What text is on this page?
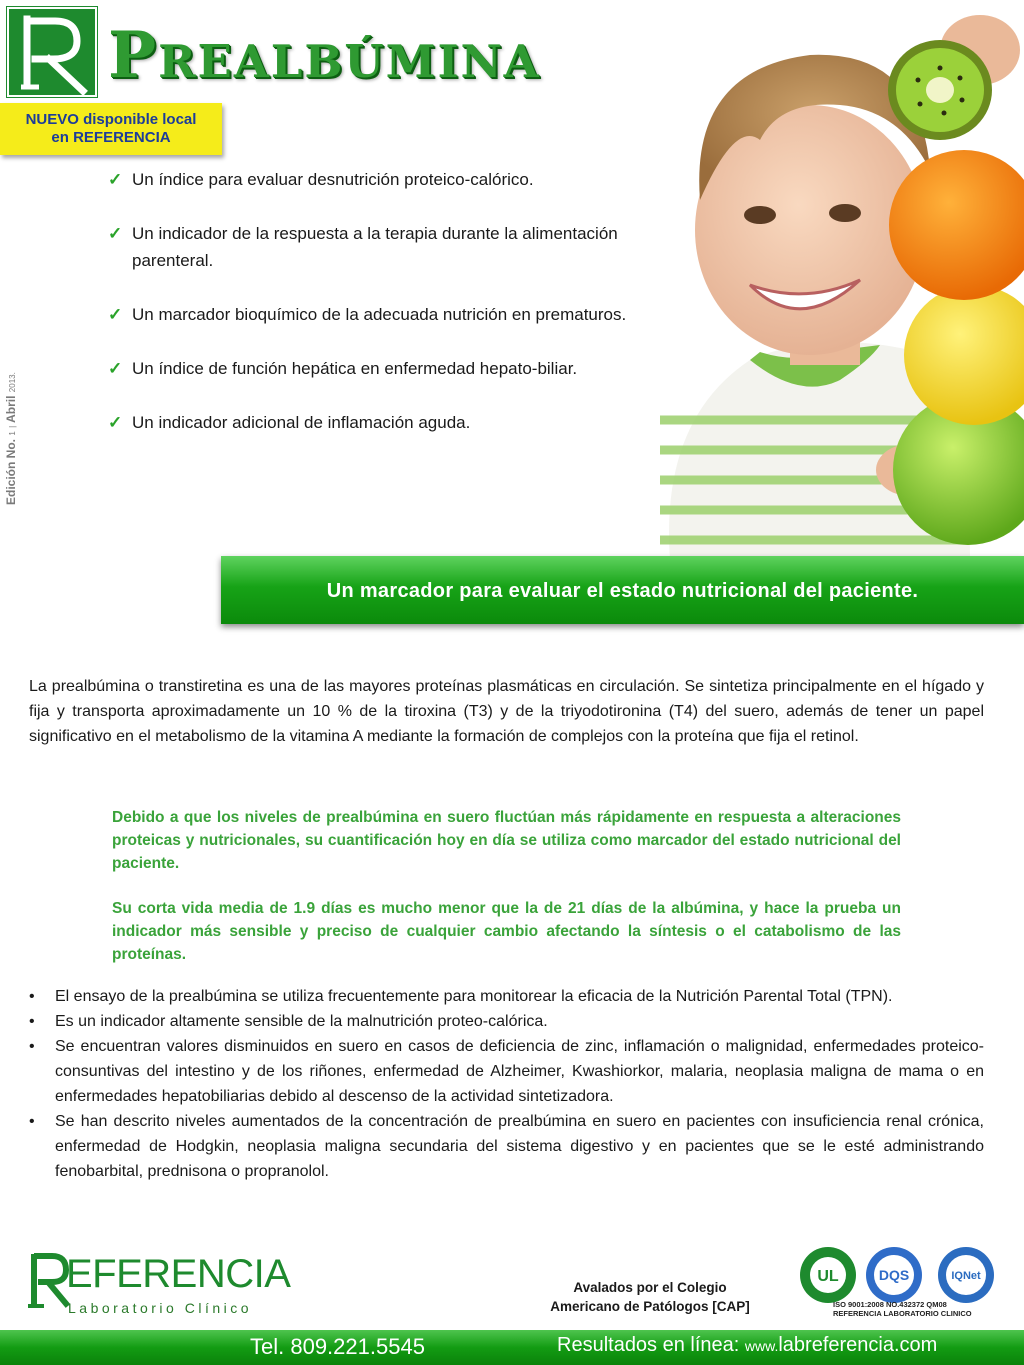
Prealbúmina
NUEVO disponible local
en REFERENCIA
Edición No. 1 | Abril 2013.
✓ Un índice para evaluar desnutrición proteico-calórico.
✓ Un indicador de la respuesta a la terapia durante la alimentación parenteral.
✓ Un marcador bioquímico de la adecuada nutrición en prematuros.
✓ Un índice de función hepática en enfermedad hepato-biliar.
✓ Un indicador adicional de inflamación aguda.
Un marcador para evaluar el estado nutricional del paciente.

La prealbúmina o transtiretina es una de las mayores proteínas plasmáticas en circulación. Se sintetiza principalmente en el hígado y fija y transporta aproximadamente un 10 % de la tiroxina (T3) y de la triyodotironina (T4) del suero, además de tener un papel significativo en el metabolismo de la vitamina A mediante la formación de complejos con la proteína que fija el retinol.

Debido a que los niveles de prealbúmina en suero fluctúan más rápidamente en respuesta a alteraciones proteicas y nutricionales, su cuantificación hoy en día se utiliza como marcador del estado nutricional del paciente.

Su corta vida media de 1.9 días es mucho menor que la de 21 días de la albúmina, y hace la prueba un indicador más sensible y preciso de cualquier cambio afectando la síntesis o el catabolismo de las proteínas.

• El ensayo de la prealbúmina se utiliza frecuentemente para monitorear la eficacia de la Nutrición Parental Total (TPN).
• Es un indicador altamente sensible de la malnutrición proteo-calórica.
• Se encuentran valores disminuidos en suero en casos de deficiencia de zinc, inflamación o malignidad, enfermedades proteico-consuntivas del intestino y de los riñones, enfermedad de Alzheimer, Kwashiorkor, malaria, neoplasia maligna de mama o en enfermedades hepatobiliarias debido al descenso de la actividad sintetizadora.
• Se han descrito niveles aumentados de la concentración de prealbúmina en suero en pacientes con insuficiencia renal crónica, enfermedad de Hodgkin, neoplasia maligna secundaria del sistema digestivo y en pacientes que se le esté administrando fenobarbital, prednisona o propranolol.
EFERENCIA
Laboratorio Clínico
Avalados por el Colegio
Americano de Patólogos [CAP]
UL	DQS	IQNet
ISO 9001:2008 NO.432372 QM08
REFERENCIA LABORATORIO CLINICO
Tel. 809.221.5545	Resultados en línea: www.labreferencia.com
